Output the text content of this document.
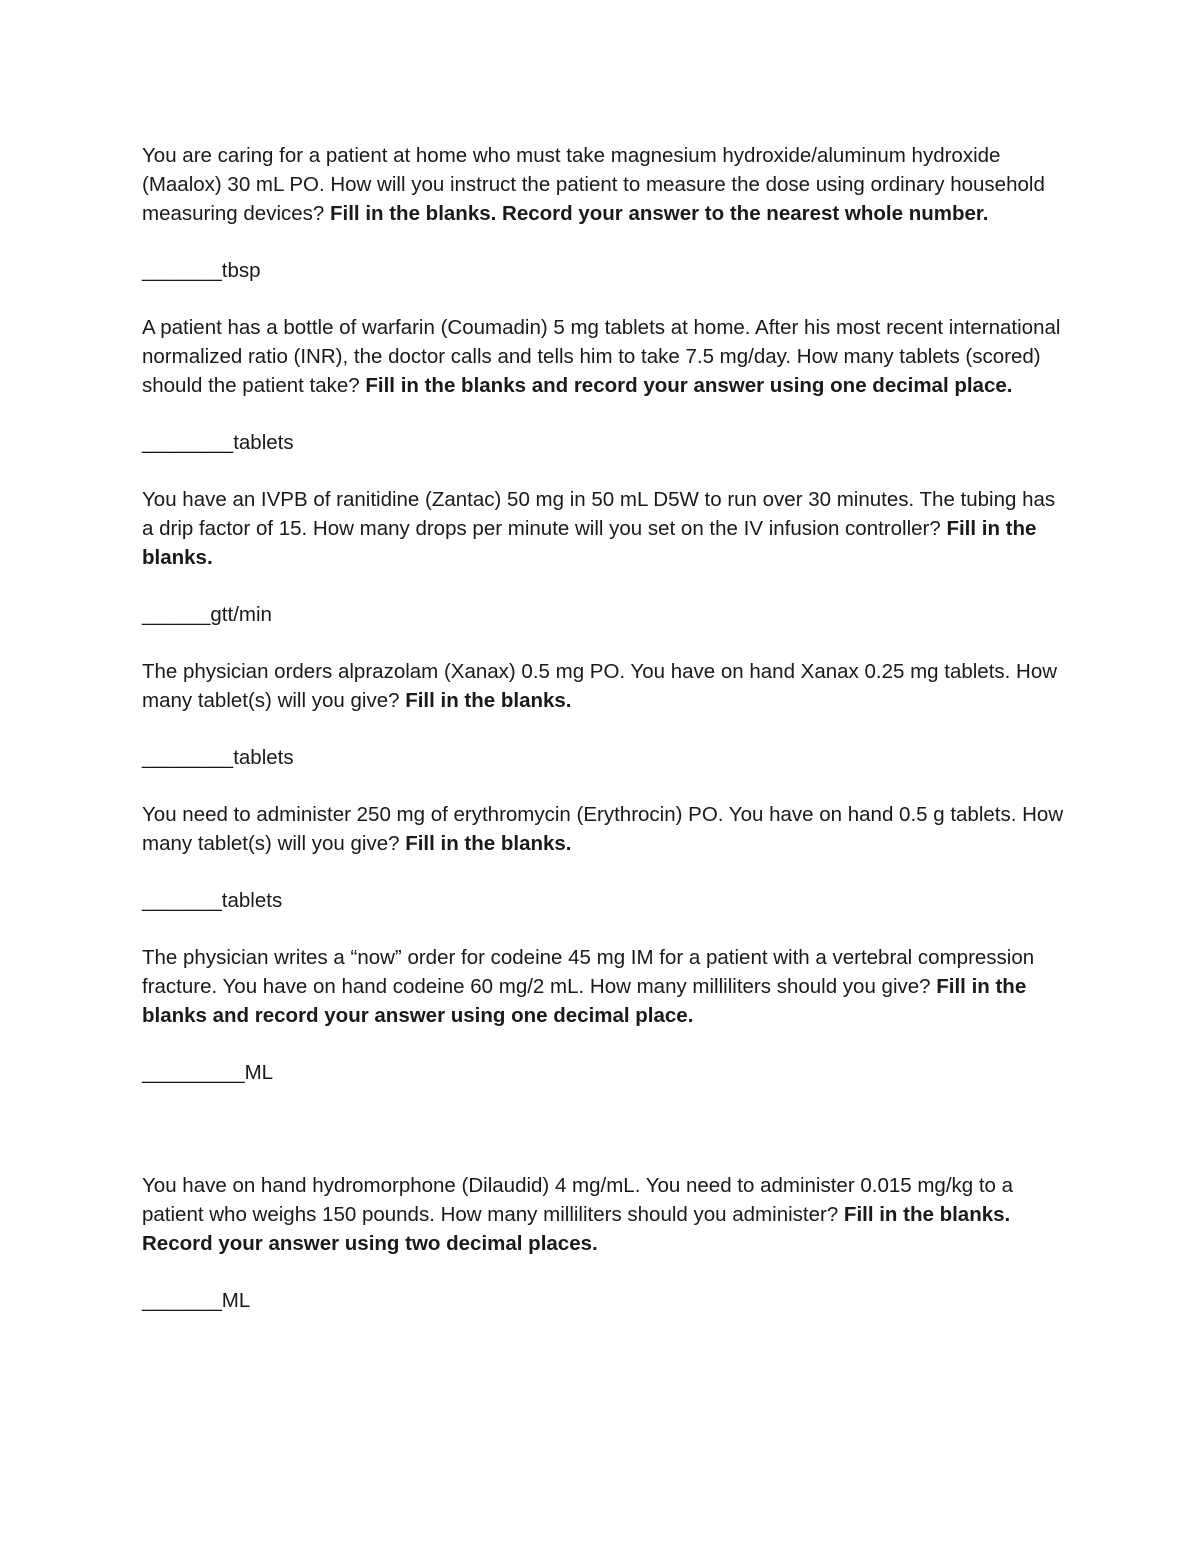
You are caring for a patient at home who must take magnesium hydroxide/aluminum hydroxide (Maalox) 30 mL PO. How will you instruct the patient to measure the dose using ordinary household measuring devices? Fill in the blanks. Record your answer to the nearest whole number.

_______tbsp

A patient has a bottle of warfarin (Coumadin) 5 mg tablets at home. After his most recent international normalized ratio (INR), the doctor calls and tells him to take 7.5 mg/day. How many tablets (scored) should the patient take? Fill in the blanks and record your answer using one decimal place.

________tablets

You have an IVPB of ranitidine (Zantac) 50 mg in 50 mL D5W to run over 30 minutes. The tubing has a drip factor of 15. How many drops per minute will you set on the IV infusion controller? Fill in the blanks.

______gtt/min

The physician orders alprazolam (Xanax) 0.5 mg PO. You have on hand Xanax 0.25 mg tablets. How many tablet(s) will you give? Fill in the blanks.

________tablets

You need to administer 250 mg of erythromycin (Erythrocin) PO. You have on hand 0.5 g tablets. How many tablet(s) will you give? Fill in the blanks.

_______tablets

The physician writes a “now” order for codeine 45 mg IM for a patient with a vertebral compression fracture. You have on hand codeine 60 mg/2 mL. How many milliliters should you give? Fill in the blanks and record your answer using one decimal place.

_________ML

You have on hand hydromorphone (Dilaudid) 4 mg/mL. You need to administer 0.015 mg/kg to a patient who weighs 150 pounds. How many milliliters should you administer? Fill in the blanks. Record your answer using two decimal places.

_______ML
